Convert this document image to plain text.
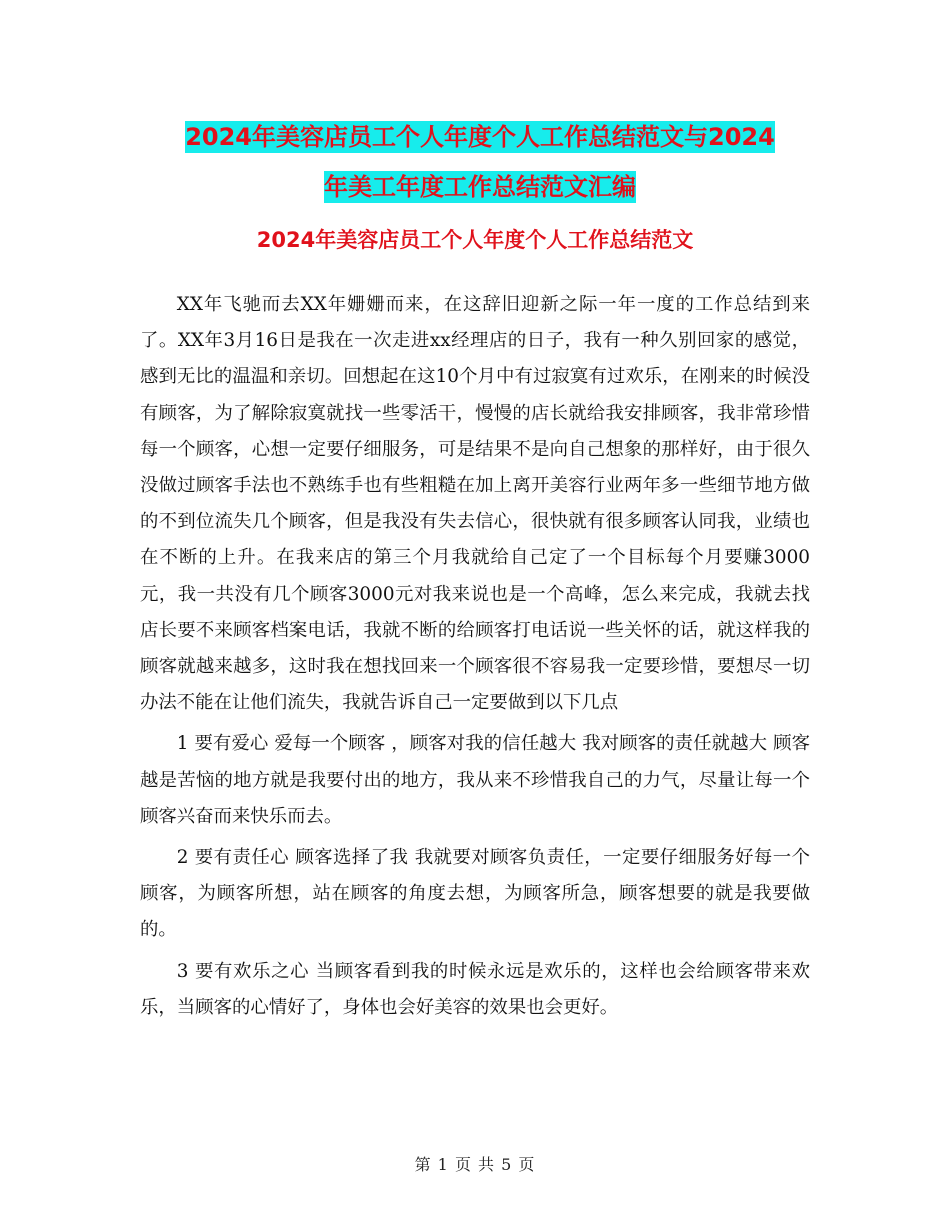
2024年美容店员工个人年度个人工作总结范文与2024
年美工年度工作总结范文汇编
2024年美容店员工个人年度个人工作总结范文

XX年飞驰而去XX年姗姗而来，在这辞旧迎新之际一年一度的工作总结到来了。XX年3月16日是我在一次走进xx经理店的日子，我有一种久别回家的感觉，感到无比的温温和亲切。回想起在这10个月中有过寂寞有过欢乐，在刚来的时候没有顾客，为了解除寂寞就找一些零活干，慢慢的店长就给我安排顾客，我非常珍惜每一个顾客，心想一定要仔细服务，可是结果不是向自己想象的那样好，由于很久没做过顾客手法也不熟练手也有些粗糙在加上离开美容行业两年多一些细节地方做的不到位流失几个顾客，但是我没有失去信心，很快就有很多顾客认同我，业绩也在不断的上升。在我来店的第三个月我就给自己定了一个目标每个月要赚3000元，我一共没有几个顾客3000元对我来说也是一个高峰，怎么来完成，我就去找店长要不来顾客档案电话，我就不断的给顾客打电话说一些关怀的话，就这样我的顾客就越来越多，这时我在想找回来一个顾客很不容易我一定要珍惜，要想尽一切办法不能在让他们流失，我就告诉自己一定要做到以下几点

1 要有爱心 爱每一个顾客 ，顾客对我的信任越大 我对顾客的责任就越大 顾客越是苦恼的地方就是我要付出的地方，我从来不珍惜我自己的力气，尽量让每一个顾客兴奋而来快乐而去。

2 要有责任心 顾客选择了我 我就要对顾客负责任，一定要仔细服务好每一个顾客，为顾客所想，站在顾客的角度去想，为顾客所急，顾客想要的就是我要做的。

3 要有欢乐之心 当顾客看到我的时候永远是欢乐的，这样也会给顾客带来欢乐，当顾客的心情好了，身体也会好美容的效果也会更好。

第 1 页 共 5 页
